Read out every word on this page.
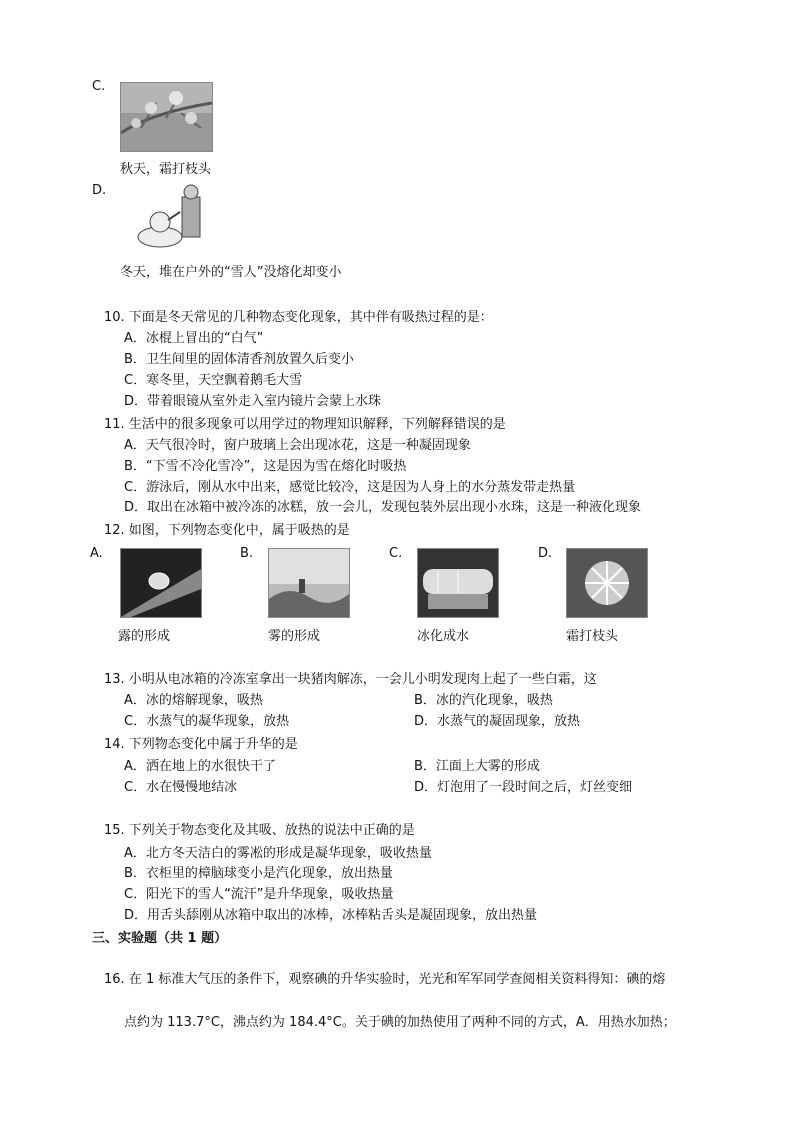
C.
秋天，霜打枝头
D.
冬天，堆在户外的“雪人”没熔化却变小
10. 下面是冬天常见的几种物态变化现象，其中伴有吸热过程的是：
A．冰棍上冒出的“白气”
B．卫生间里的固体清香剂放置久后变小
C．寒冬里，天空飘着鹅毛大雪
D．带着眼镜从室外走入室内镜片会蒙上水珠
11. 生活中的很多现象可以用学过的物理知识解释，下列解释错误的是
A．天气很冷时，窗户玻璃上会出现冰花，这是一种凝固现象
B．“下雪不冷化雪冷”，这是因为雪在熔化时吸热
C．游泳后，刚从水中出来，感觉比较冷，这是因为人身上的水分蒸发带走热量
D．取出在冰箱中被冷冻的冰糕，放一会儿，发现包装外层出现小水珠，这是一种液化现象
12. 如图，下列物态变化中，属于吸热的是
A.
露的形成
B.
雾的形成
C.
冰化成水
D.
霜打枝头
13. 小明从电冰箱的冷冻室拿出一块猪肉解冻，一会儿小明发现肉上起了一些白霜，这
A．冰的熔解现象，吸热	B．冰的汽化现象，吸热
C．水蒸气的凝华现象，放热	D．水蒸气的凝固现象，放热
14. 下列物态变化中属于升华的是
A．洒在地上的水很快干了	B．江面上大雾的形成
C．水在慢慢地结冰	D．灯泡用了一段时间之后，灯丝变细
15. 下列关于物态变化及其吸、放热的说法中正确的是
A．北方冬天洁白的雾凇的形成是凝华现象，吸收热量
B．衣柜里的樟脑球变小是汽化现象，放出热量
C．阳光下的雪人“流汗”是升华现象，吸收热量
D．用舌头舔刚从冰箱中取出的冰棒，冰棒粘舌头是凝固现象，放出热量
三、实验题（共 1 题）
16. 在 1 标准大气压的条件下，观察碘的升华实验时，光光和军军同学查阅相关资料得知：碘的熔
点约为 113.7°C，沸点约为 184.4°C。关于碘的加热使用了两种不同的方式，A．用热水加热；
